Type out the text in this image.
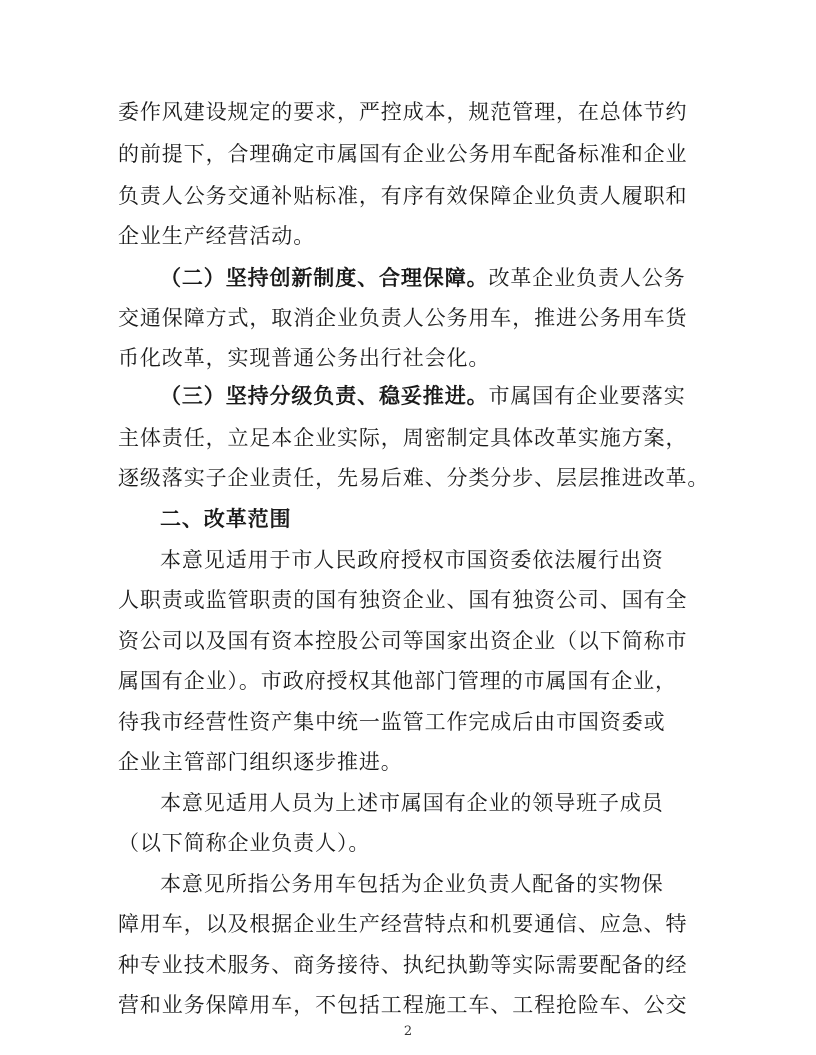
委作风建设规定的要求，严控成本，规范管理，在总体节约
的前提下，合理确定市属国有企业公务用车配备标准和企业
负责人公务交通补贴标准，有序有效保障企业负责人履职和
企业生产经营活动。
（二）坚持创新制度、合理保障。改革企业负责人公务
交通保障方式，取消企业负责人公务用车，推进公务用车货
币化改革，实现普通公务出行社会化。
（三）坚持分级负责、稳妥推进。市属国有企业要落实
主体责任，立足本企业实际，周密制定具体改革实施方案，
逐级落实子企业责任，先易后难、分类分步、层层推进改革。
二、改革范围
本意见适用于市人民政府授权市国资委依法履行出资
人职责或监管职责的国有独资企业、国有独资公司、国有全
资公司以及国有资本控股公司等国家出资企业（以下简称市
属国有企业）。市政府授权其他部门管理的市属国有企业，
待我市经营性资产集中统一监管工作完成后由市国资委或
企业主管部门组织逐步推进。
本意见适用人员为上述市属国有企业的领导班子成员
（以下简称企业负责人）。
本意见所指公务用车包括为企业负责人配备的实物保
障用车，以及根据企业生产经营特点和机要通信、应急、特
种专业技术服务、商务接待、执纪执勤等实际需要配备的经
营和业务保障用车，不包括工程施工车、工程抢险车、公交
2
